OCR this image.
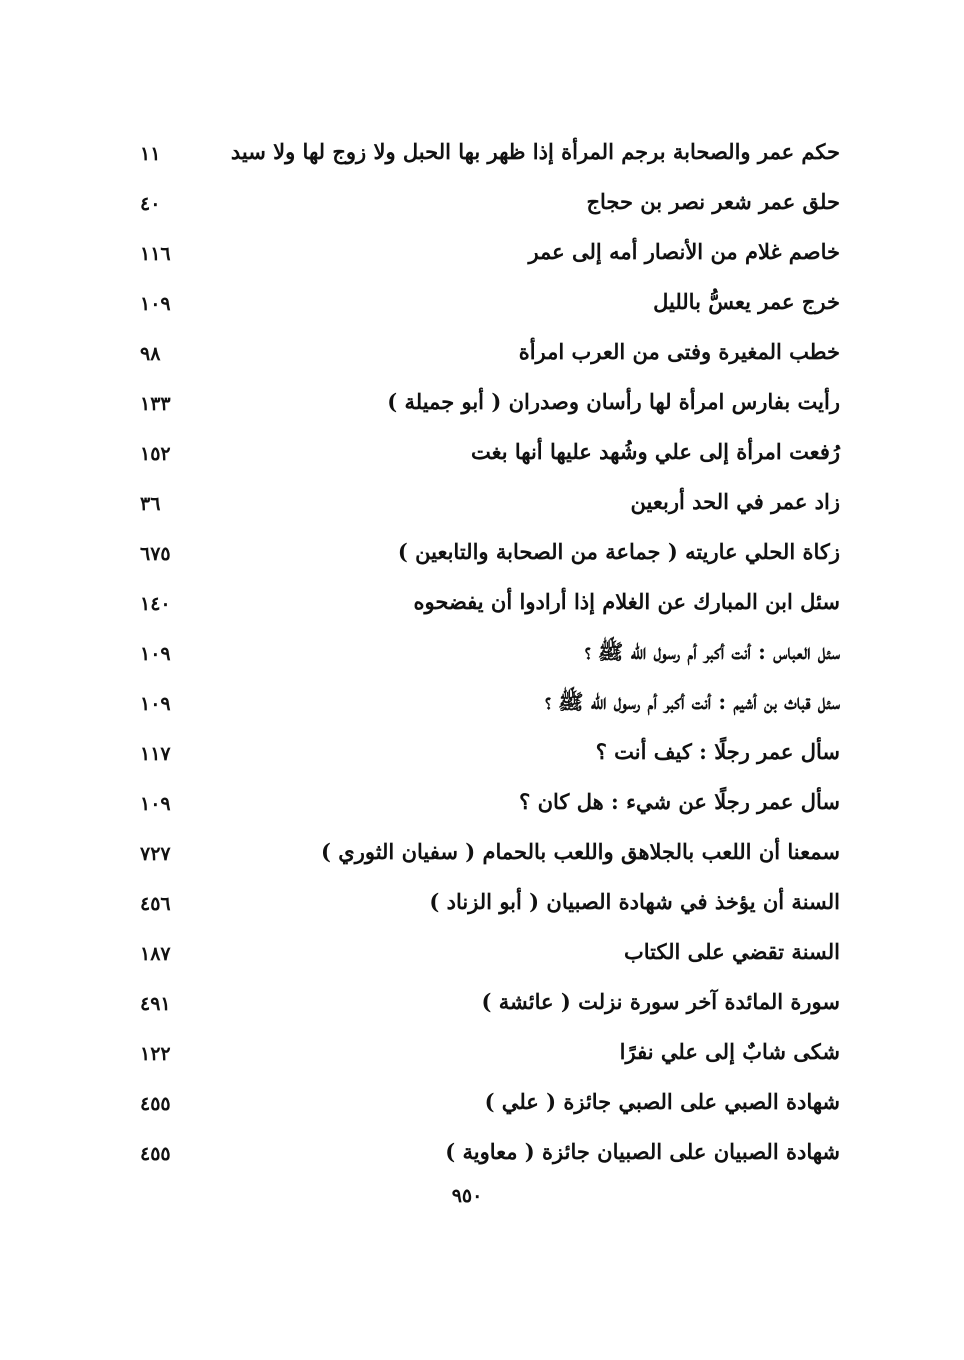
حكم عمر والصحابة برجم المرأة إذا ظهر بها الحبل ولا زوج لها ولا سيد
١١
حلق عمر شعر نصر بن حجاج
٤٠
خاصم غلام من الأنصار أمه إلى عمر
١١٦
خرج عمر يعسُّ بالليل
١٠٩
خطب المغيرة وفتى من العرب امرأة
٩٨
رأيت بفارس امرأة لها رأسان وصدران ( أبو جميلة )
١٣٣
رُفعت امرأة إلى علي وشُهد عليها أنها بغت
١٥٢
زاد عمر في الحد أربعين
٣٦
زكاة الحلي عاريته ( جماعة من الصحابة والتابعين )
٦٧٥
سئل ابن المبارك عن الغلام إذا أرادوا أن يفضحوه
١٤٠
سئل العباس : أنت أكبر أم رسول الله ﷺ ؟
١٠٩
سئل قباث بن أشيم : أنت أكبر أم رسول الله ﷺ ؟
١٠٩
سأل عمر رجلًا : كيف أنت ؟
١١٧
سأل عمر رجلًا عن شيء : هل كان ؟
١٠٩
سمعنا أن اللعب بالجلاهق واللعب بالحمام ( سفيان الثوري )
٧٢٧
السنة أن يؤخذ في شهادة الصبيان ( أبو الزناد )
٤٥٦
السنة تقضي على الكتاب
١٨٧
سورة المائدة آخر سورة نزلت ( عائشة )
٤٩١
شكى شابٌ إلى علي نفرًا
١٢٢
شهادة الصبي على الصبي جائزة ( علي )
٤٥٥
شهادة الصبيان على الصبيان جائزة ( معاوية )
٤٥٥
٩٥٠
